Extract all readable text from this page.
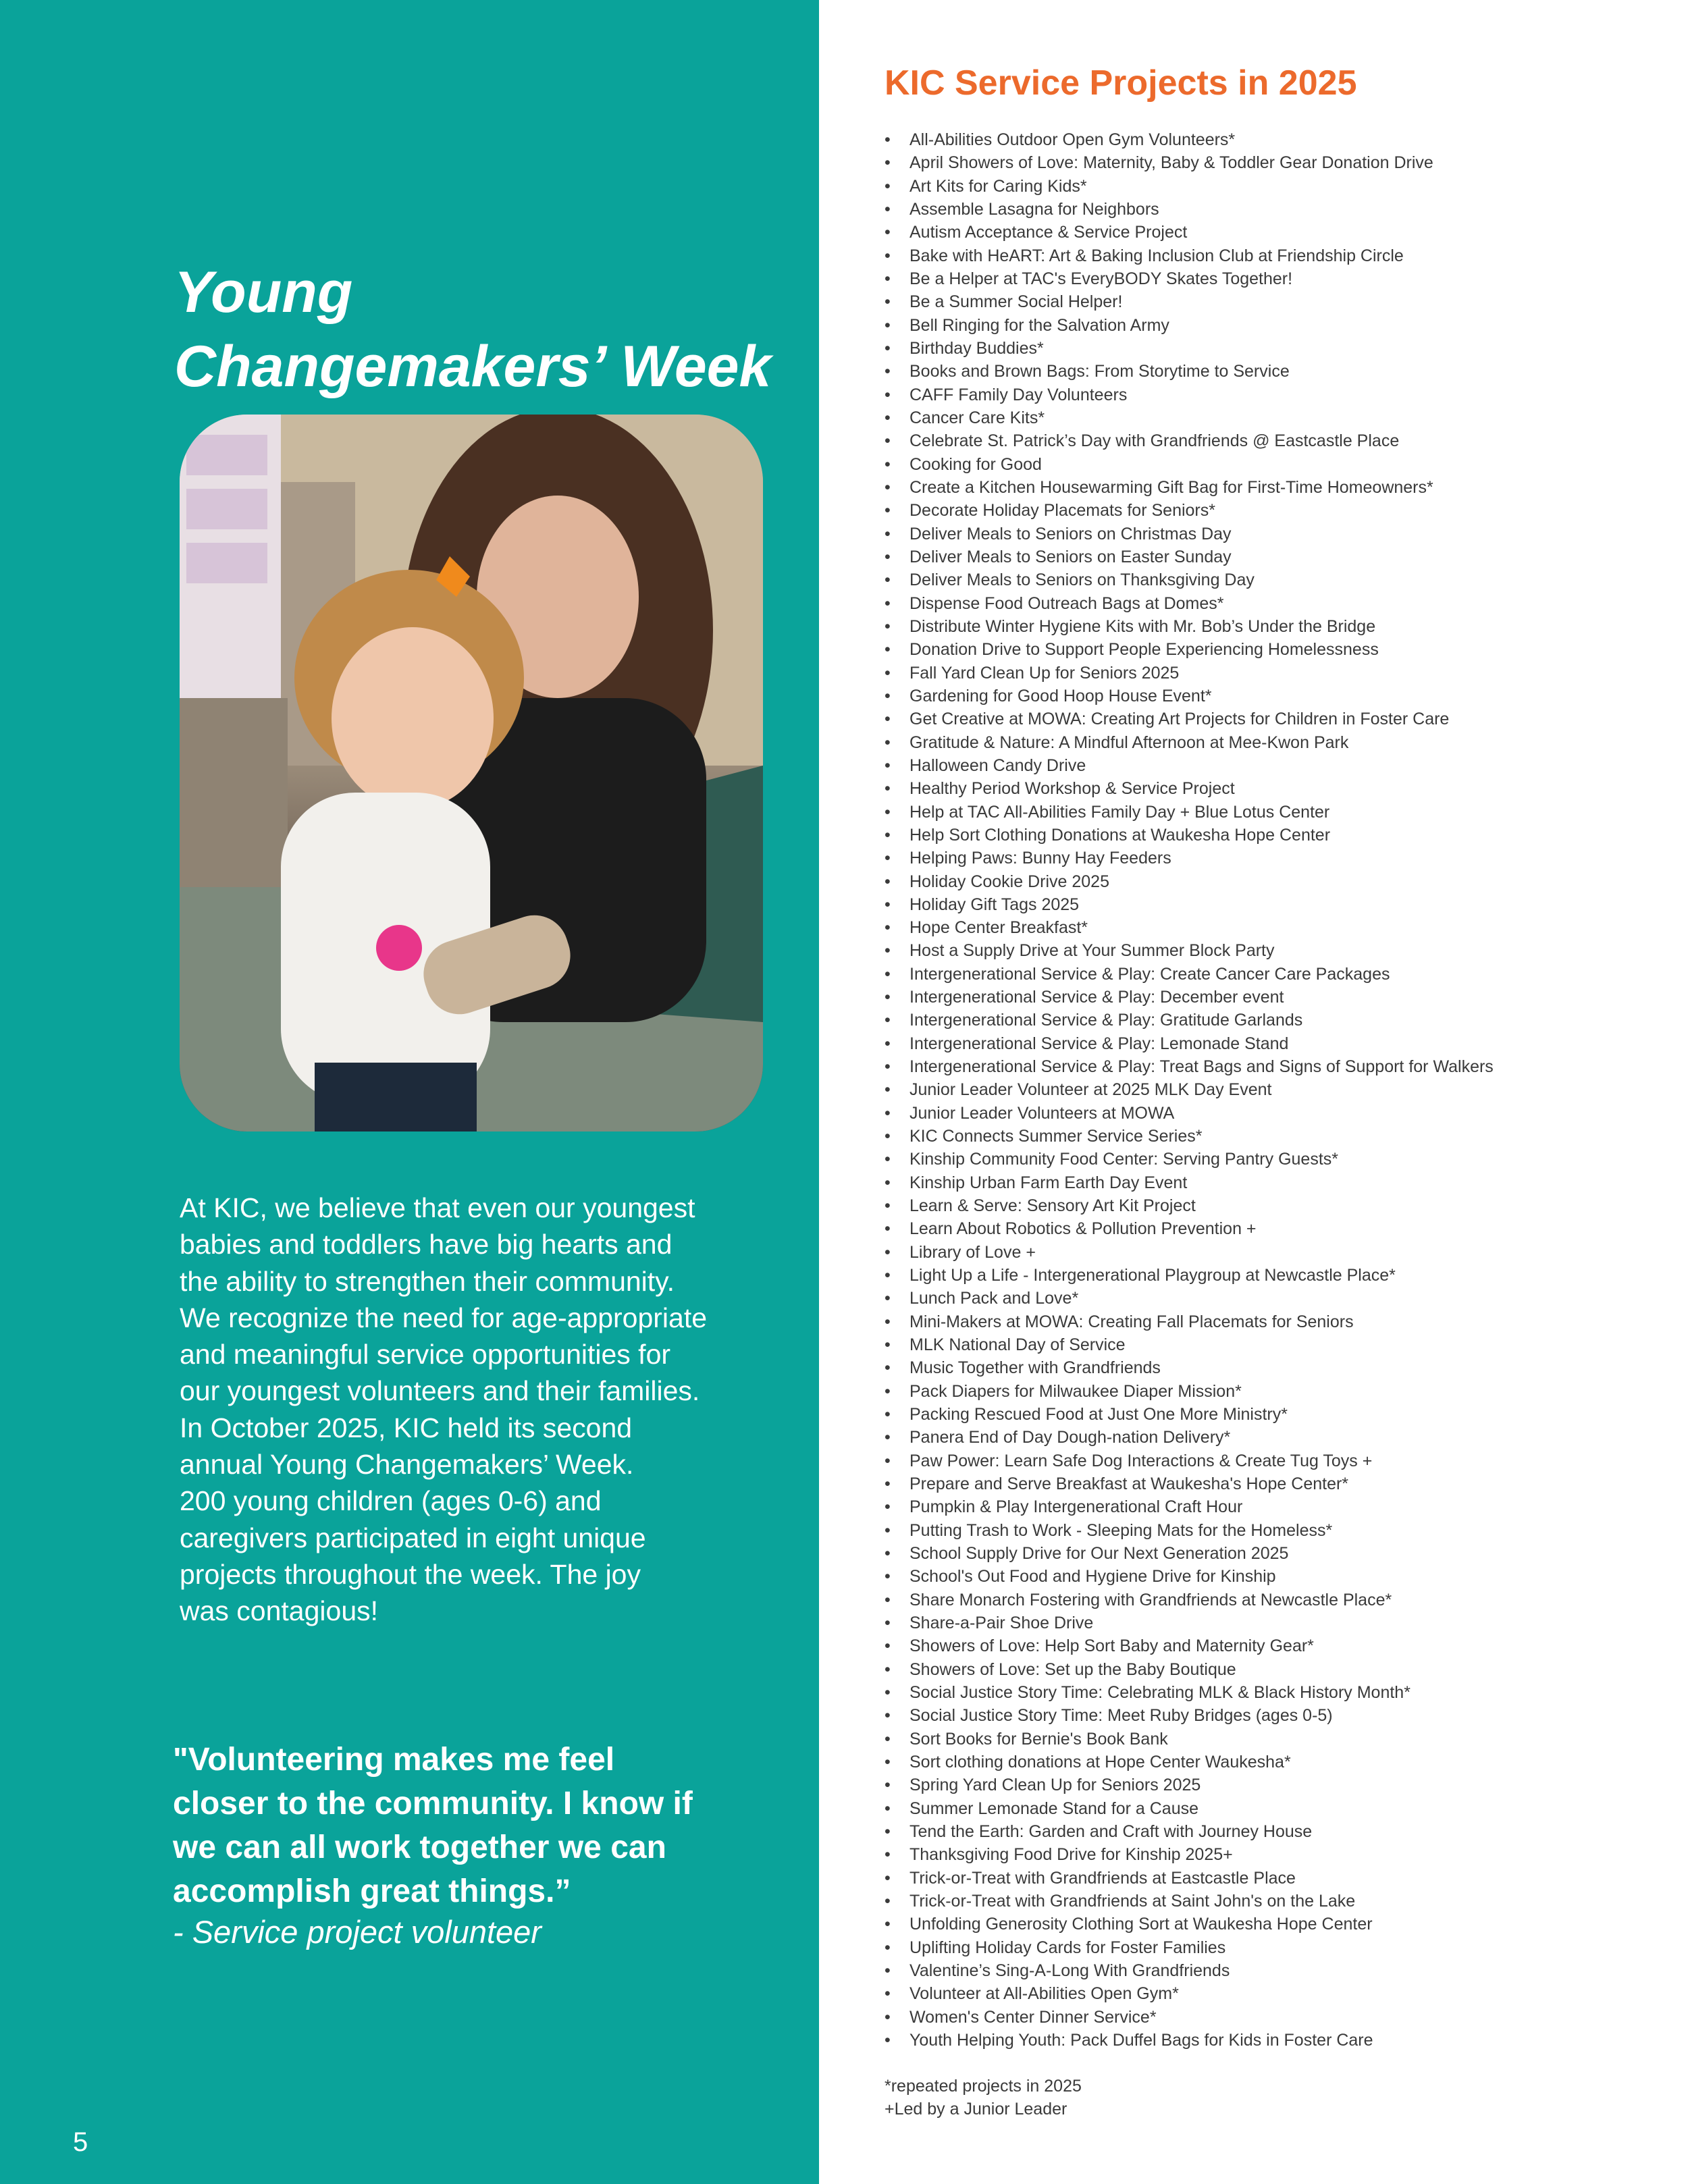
Young
Changemakers’ Week

At KIC, we believe that even our youngest
babies and toddlers have big hearts and
the ability to strengthen their community.
We recognize the need for age-appropriate
and meaningful service opportunities for
our youngest volunteers and their families.
In October 2025, KIC held its second
annual Young Changemakers’ Week.
200 young children (ages 0-6) and
caregivers participated in eight unique
projects throughout the week. The joy
was contagious!

"Volunteering makes me feel
closer to the community. I know if
we can all work together we can
accomplish great things.”

- Service project volunteer

5
KIC Service Projects in 2025
• All-Abilities Outdoor Open Gym Volunteers*
• April Showers of Love: Maternity, Baby & Toddler Gear Donation Drive
• Art Kits for Caring Kids*
• Assemble Lasagna for Neighbors
• Autism Acceptance & Service Project
• Bake with HeART: Art & Baking Inclusion Club at Friendship Circle
• Be a Helper at TAC's EveryBODY Skates Together!
• Be a Summer Social Helper!
• Bell Ringing for the Salvation Army
• Birthday Buddies*
• Books and Brown Bags: From Storytime to Service
• CAFF Family Day Volunteers
• Cancer Care Kits*
• Celebrate St. Patrick’s Day with Grandfriends @ Eastcastle Place
• Cooking for Good
• Create a Kitchen Housewarming Gift Bag for First-Time Homeowners*
• Decorate Holiday Placemats for Seniors*
• Deliver Meals to Seniors on Christmas Day
• Deliver Meals to Seniors on Easter Sunday
• Deliver Meals to Seniors on Thanksgiving Day
• Dispense Food Outreach Bags at Domes*
• Distribute Winter Hygiene Kits with Mr. Bob’s Under the Bridge
• Donation Drive to Support People Experiencing Homelessness
• Fall Yard Clean Up for Seniors 2025
• Gardening for Good Hoop House Event*
• Get Creative at MOWA: Creating Art Projects for Children in Foster Care
• Gratitude & Nature: A Mindful Afternoon at Mee-Kwon Park
• Halloween Candy Drive
• Healthy Period Workshop & Service Project
• Help at TAC All-Abilities Family Day + Blue Lotus Center
• Help Sort Clothing Donations at Waukesha Hope Center
• Helping Paws: Bunny Hay Feeders
• Holiday Cookie Drive 2025
• Holiday Gift Tags 2025
• Hope Center Breakfast*
• Host a Supply Drive at Your Summer Block Party
• Intergenerational Service & Play: Create Cancer Care Packages
• Intergenerational Service & Play: December event
• Intergenerational Service & Play: Gratitude Garlands
• Intergenerational Service & Play: Lemonade Stand
• Intergenerational Service & Play: Treat Bags and Signs of Support for Walkers
• Junior Leader Volunteer at 2025 MLK Day Event
• Junior Leader Volunteers at MOWA
• KIC Connects Summer Service Series*
• Kinship Community Food Center: Serving Pantry Guests*
• Kinship Urban Farm Earth Day Event
• Learn & Serve: Sensory Art Kit Project
• Learn About Robotics & Pollution Prevention +
• Library of Love +
• Light Up a Life - Intergenerational Playgroup at Newcastle Place*
• Lunch Pack and Love*
• Mini-Makers at MOWA: Creating Fall Placemats for Seniors
• MLK National Day of Service
• Music Together with Grandfriends
• Pack Diapers for Milwaukee Diaper Mission*
• Packing Rescued Food at Just One More Ministry*
• Panera End of Day Dough-nation Delivery*
• Paw Power: Learn Safe Dog Interactions & Create Tug Toys +
• Prepare and Serve Breakfast at Waukesha's Hope Center*
• Pumpkin & Play Intergenerational Craft Hour
• Putting Trash to Work - Sleeping Mats for the Homeless*
• School Supply Drive for Our Next Generation 2025
• School's Out Food and Hygiene Drive for Kinship
• Share Monarch Fostering with Grandfriends at Newcastle Place*
• Share-a-Pair Shoe Drive
• Showers of Love: Help Sort Baby and Maternity Gear*
• Showers of Love: Set up the Baby Boutique
• Social Justice Story Time: Celebrating MLK & Black History Month*
• Social Justice Story Time: Meet Ruby Bridges (ages 0-5)
• Sort Books for Bernie's Book Bank
• Sort clothing donations at Hope Center Waukesha*
• Spring Yard Clean Up for Seniors 2025
• Summer Lemonade Stand for a Cause
• Tend the Earth: Garden and Craft with Journey House
• Thanksgiving Food Drive for Kinship 2025+
• Trick-or-Treat with Grandfriends at Eastcastle Place
• Trick-or-Treat with Grandfriends at Saint John's on the Lake
• Unfolding Generosity Clothing Sort at Waukesha Hope Center
• Uplifting Holiday Cards for Foster Families
• Valentine’s Sing-A-Long With Grandfriends
• Volunteer at All-Abilities Open Gym*
• Women's Center Dinner Service*
• Youth Helping Youth: Pack Duffel Bags for Kids in Foster Care
*repeated projects in 2025
+Led by a Junior Leader
